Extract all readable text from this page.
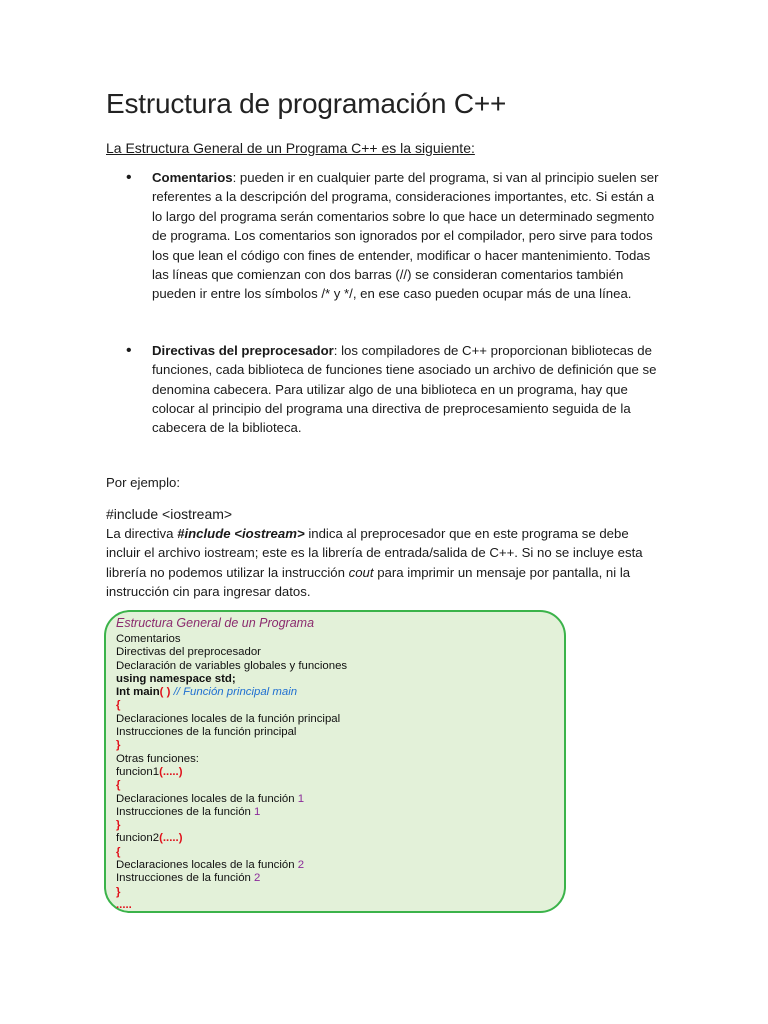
Estructura de programación C++

La Estructura General de un Programa C++ es la siguiente:

• Comentarios: pueden ir en cualquier parte del programa, si van al principio suelen ser referentes a la descripción del programa, consideraciones importantes, etc. Si están a lo largo del programa serán comentarios sobre lo que hace un determinado segmento de programa. Los comentarios son ignorados por el compilador, pero sirve para todos los que lean el código con fines de entender, modificar o hacer mantenimiento. Todas las líneas que comienzan con dos barras (//) se consideran comentarios también pueden ir entre los símbolos /* y */, en ese caso pueden ocupar más de una línea.
• Directivas del preprocesador: los compiladores de C++ proporcionan bibliotecas de funciones, cada biblioteca de funciones tiene asociado un archivo de definición que se denomina cabecera. Para utilizar algo de una biblioteca en un programa, hay que colocar al principio del programa una directiva de preprocesamiento seguida de la cabecera de la biblioteca.

Por ejemplo:

#include <iostream>

La directiva #include <iostream> indica al preprocesador que en este programa se debe incluir el archivo iostream; este es la librería de entrada/salida de C++. Si no se incluye esta librería no podemos utilizar la instrucción cout para imprimir un mensaje por pantalla, ni la instrucción cin para ingresar datos.

Estructura General de un Programa
Comentarios
Directivas del preprocesador
Declaración de variables globales y funciones
using namespace std;
Int main( ) // Función principal main
{
Declaraciones locales de la función principal
Instrucciones de la función principal
}
Otras funciones:
funcion1(.....)
{
Declaraciones locales de la función 1
Instrucciones de la función 1
}
funcion2(.....)
{
Declaraciones locales de la función 2
Instrucciones de la función 2
}
.....
